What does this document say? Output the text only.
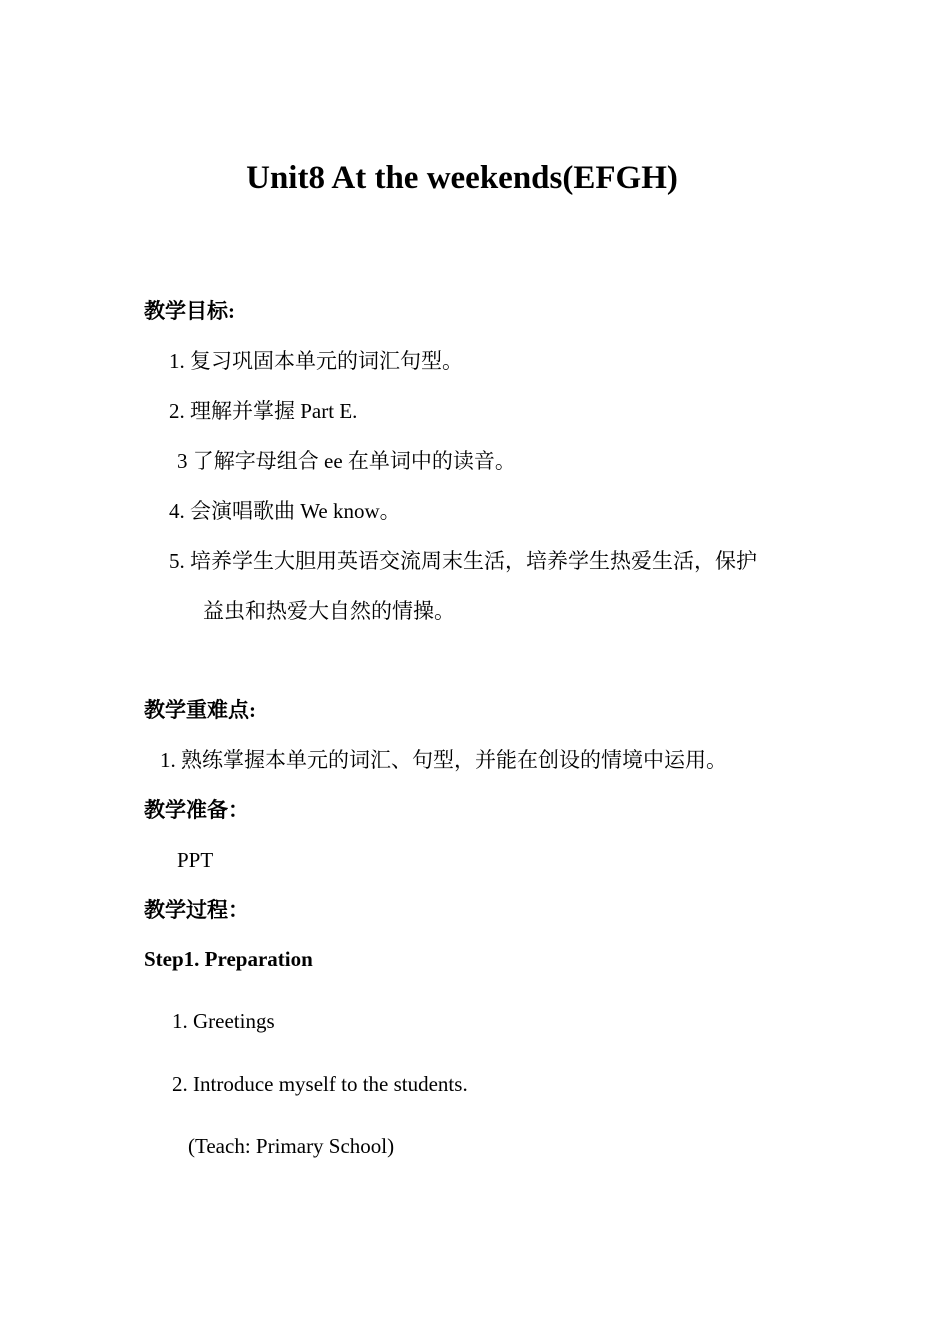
Unit8 At the weekends(EFGH)
教学目标:
1. 复习巩固本单元的词汇句型。
2. 理解并掌握 Part E.
3 了解字母组合 ee 在单词中的读音。
4. 会演唱歌曲 We know。
5. 培养学生大胆用英语交流周末生活，培养学生热爱生活，保护
益虫和热爱大自然的情操。
教学重难点:
1. 熟练掌握本单元的词汇、句型，并能在创设的情境中运用。
教学准备：
PPT
教学过程：
Step1. Preparation
1. Greetings
2. Introduce myself to the students.
(Teach: Primary School)
